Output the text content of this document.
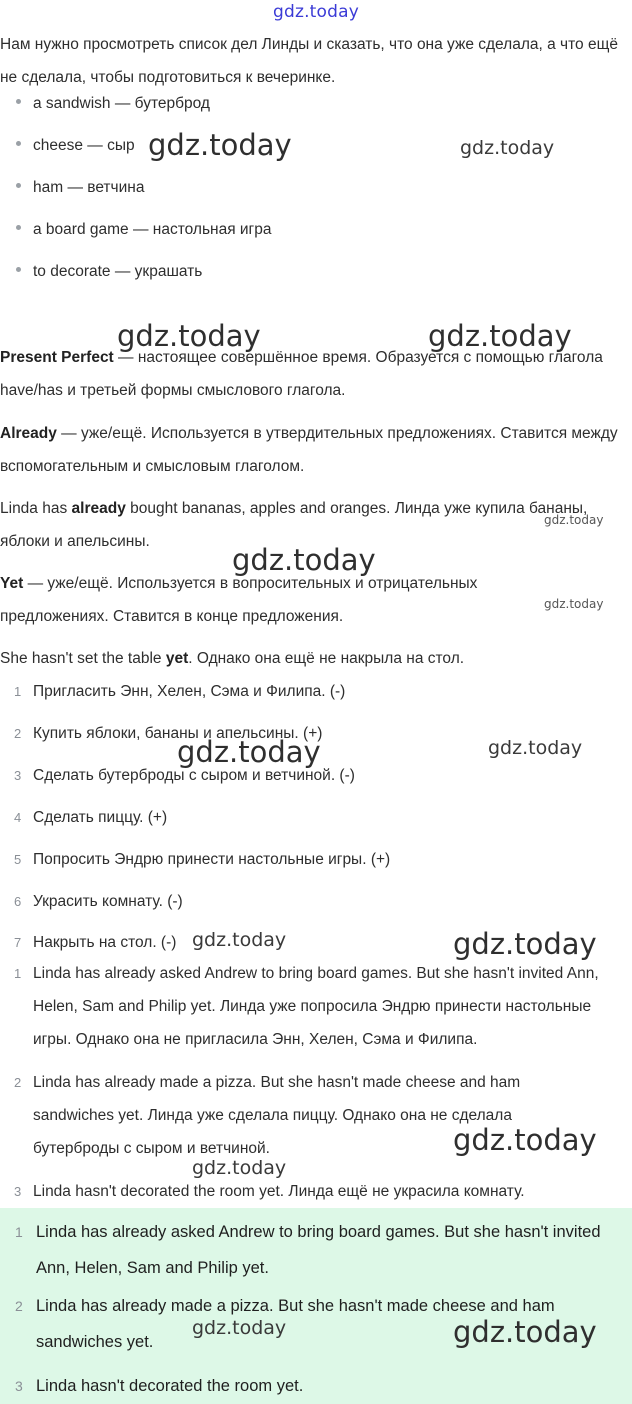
gdz.today
Нам нужно просмотреть список дел Линды и сказать, что она уже сделала, а что ещё не сделала, чтобы подготовиться к вечеринке.
a sandwish — бутерброд
cheese — сыр
ham — ветчина
a board game — настольная игра
to decorate — украшать
Present Perfect — настоящее совершённое время. Образуется с помощью глагола have/has и третьей формы смыслового глагола.
Already — уже/ещё. Используется в утвердительных предложениях. Ставится между вспомогательным и смысловым глаголом.
Linda has already bought bananas, apples and oranges. Линда уже купила бананы, яблоки и апельсины.
Yet — уже/ещё. Используется в вопросительных и отрицательных предложениях. Ставится в конце предложения.
She hasn't set the table yet. Однако она ещё не накрыла на стол.
1 Пригласить Энн, Хелен, Сэма и Филипа. (-)
2 Купить яблоки, бананы и апельсины. (+)
3 Сделать бутерброды с сыром и ветчиной. (-)
4 Сделать пиццу. (+)
5 Попросить Эндрю принести настольные игры. (+)
6 Украсить комнату. (-)
7 Накрыть на стол. (-)
1 Linda has already asked Andrew to bring board games. But she hasn't invited Ann, Helen, Sam and Philip yet. Линда уже попросила Эндрю принести настольные игры. Однако она не пригласила Энн, Хелен, Сэма и Филипа.
2 Linda has already made a pizza. But she hasn't made cheese and ham sandwiches yet. Линда уже сделала пиццу. Однако она не сделала бутерброды с сыром и ветчиной.
3 Linda hasn't decorated the room yet. Линда ещё не украсила комнату.
1 Linda has already asked Andrew to bring board games. But she hasn't invited Ann, Helen, Sam and Philip yet.
2 Linda has already made a pizza. But she hasn't made cheese and ham sandwiches yet.
3 Linda hasn't decorated the room yet.
gdz.today	gdz.today
gdz.today	gdz.today
gdz.today
gdz.today
gdz.today
gdz.today	gdz.today
gdz.today	gdz.today
gdz.today
gdz.today
gdz.today	gdz.today
